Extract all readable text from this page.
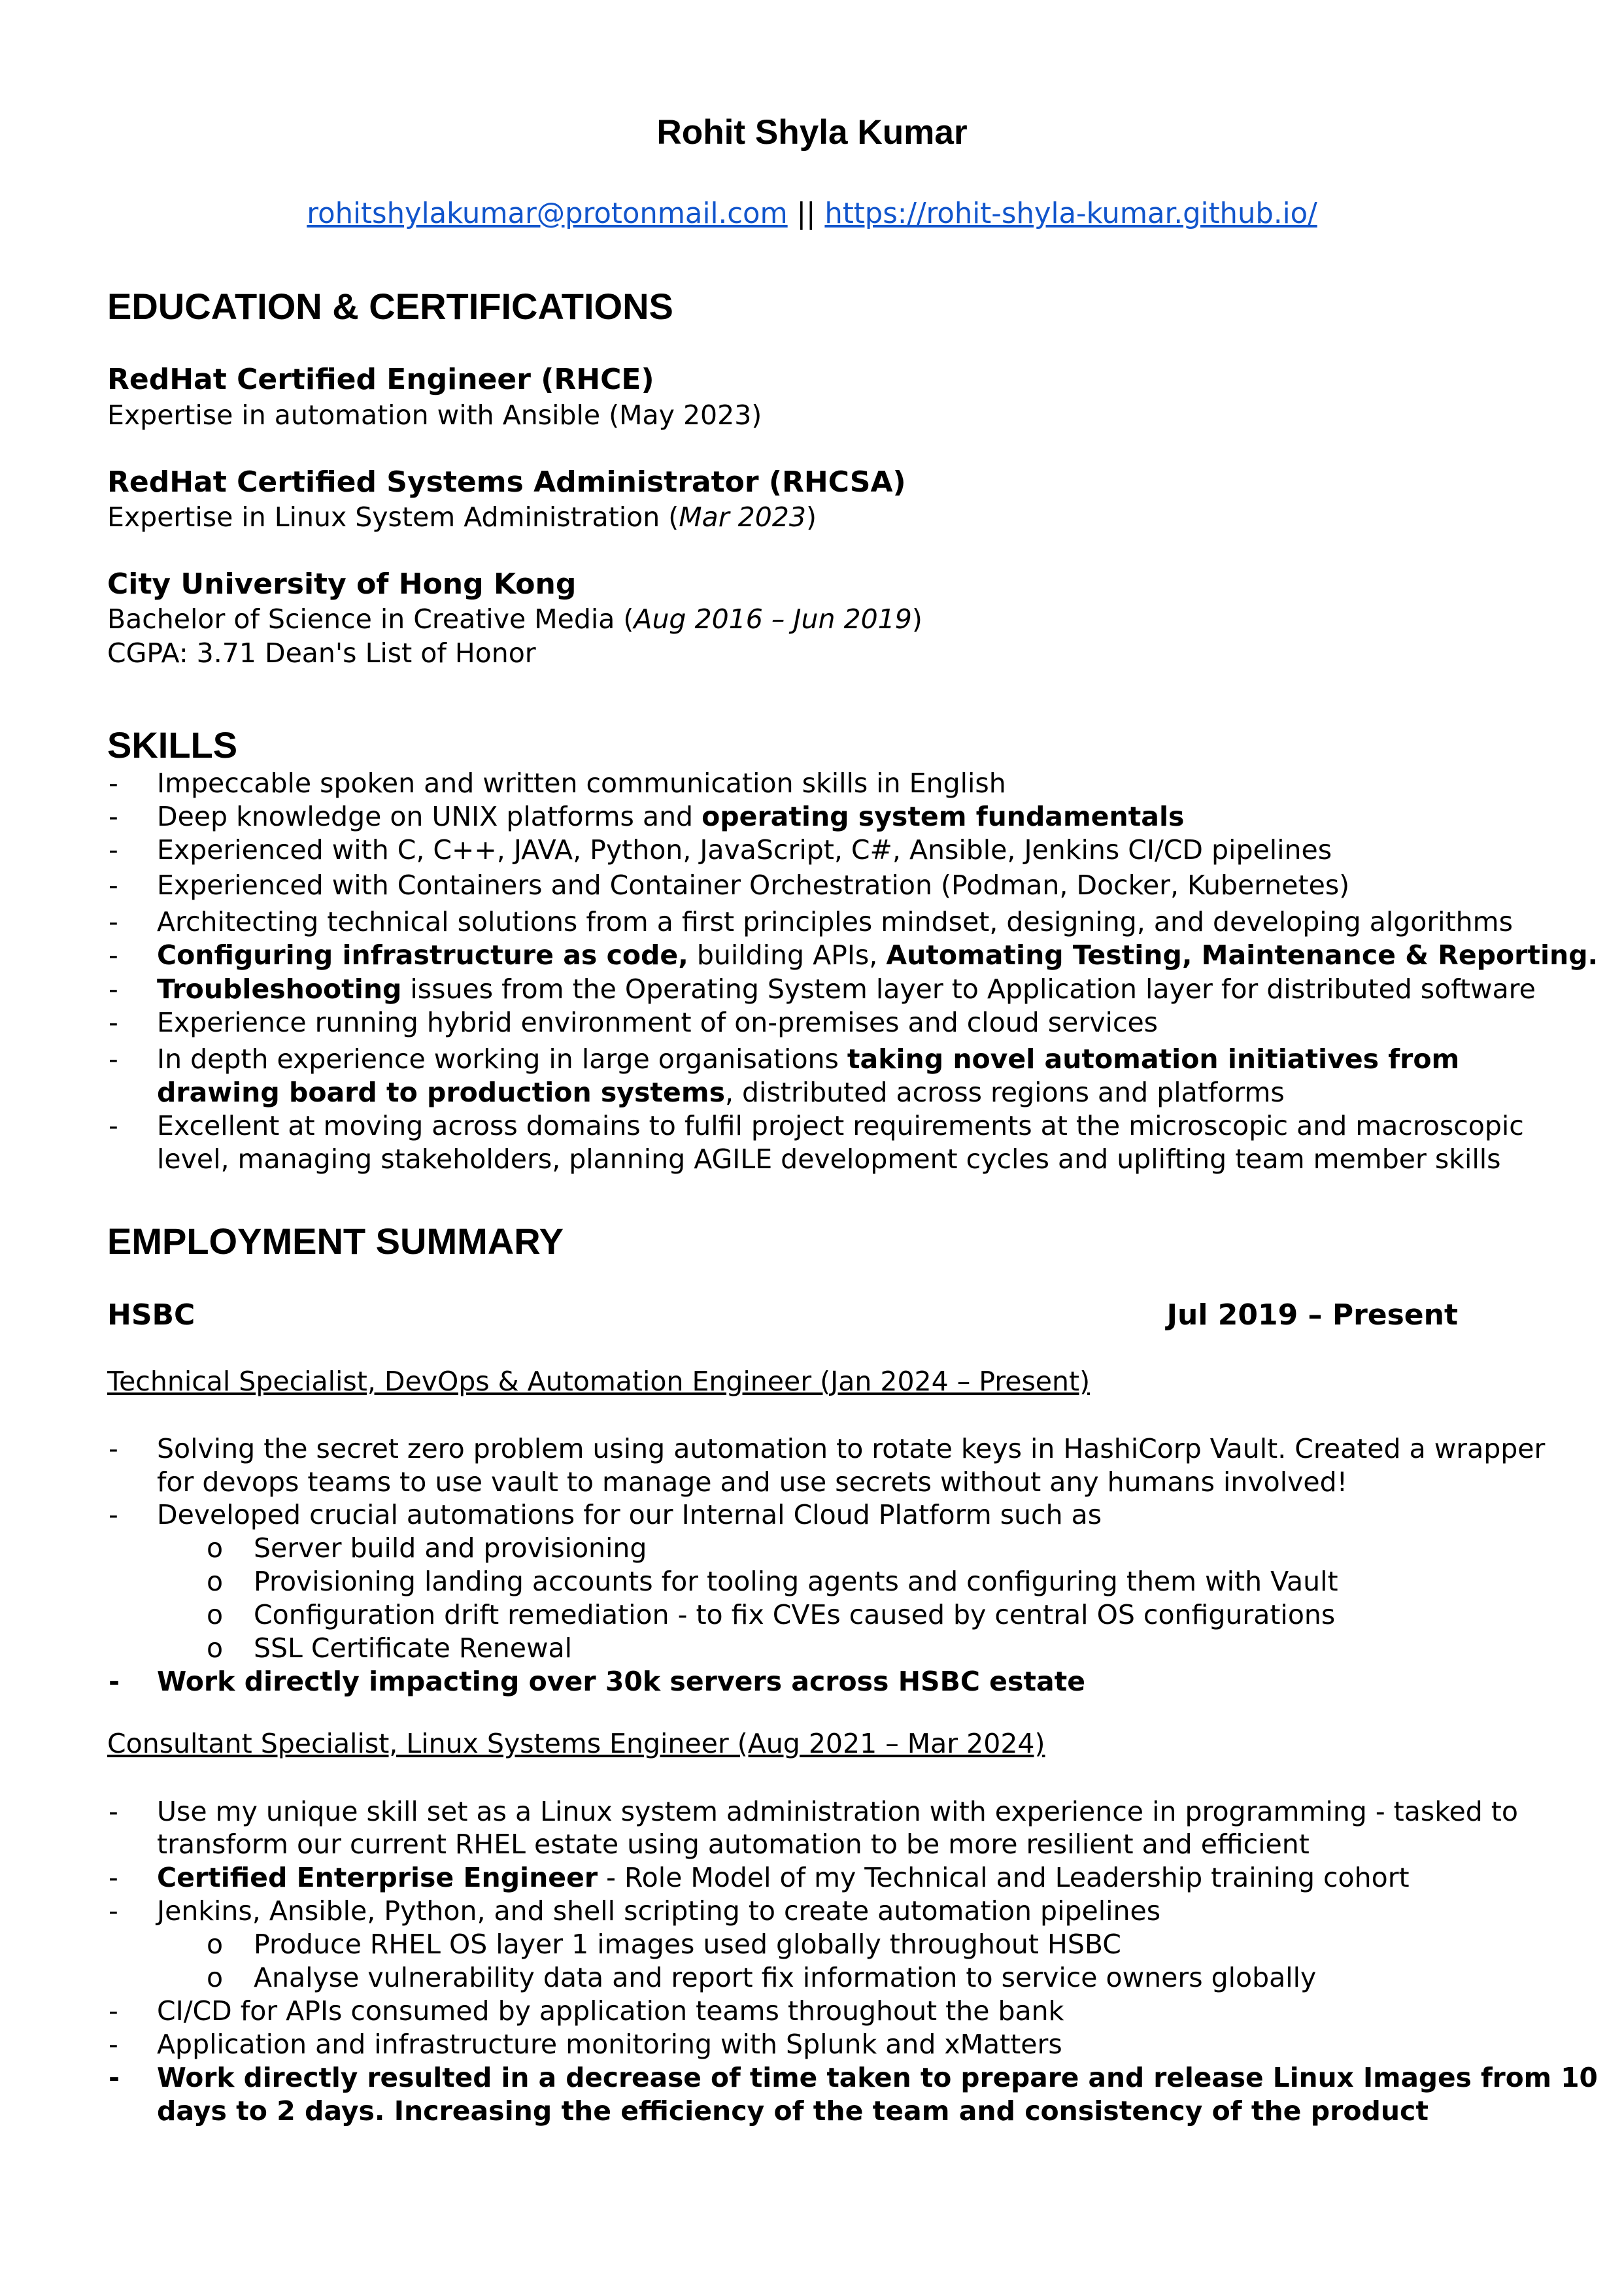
Rohit Shyla Kumar
rohitshylakumar@protonmail.com || https://rohit-shyla-kumar.github.io/
EDUCATION & CERTIFICATIONS
RedHat Certified Engineer (RHCE)
Expertise in automation with Ansible (May 2023)
RedHat Certified Systems Administrator (RHCSA)
Expertise in Linux System Administration (Mar 2023)
City University of Hong Kong
Bachelor of Science in Creative Media (Aug 2016 – Jun 2019)
CGPA: 3.71 Dean's List of Honor
SKILLS
- Impeccable spoken and written communication skills in English
- Deep knowledge on UNIX platforms and operating system fundamentals
- Experienced with C, C++, JAVA, Python, JavaScript, C#, Ansible, Jenkins CI/CD pipelines
- Experienced with Containers and Container Orchestration (Podman, Docker, Kubernetes)
- Architecting technical solutions from a first principles mindset, designing, and developing algorithms
- Configuring infrastructure as code, building APIs, Automating Testing, Maintenance & Reporting.
- Troubleshooting issues from the Operating System layer to Application layer for distributed software
- Experience running hybrid environment of on-premises and cloud services
- In depth experience working in large organisations taking novel automation initiatives from
drawing board to production systems, distributed across regions and platforms
- Excellent at moving across domains to fulfil project requirements at the microscopic and macroscopic
level, managing stakeholders, planning AGILE development cycles and uplifting team member skills
EMPLOYMENT SUMMARY
HSBC	Jul 2019 – Present
Technical Specialist, DevOps & Automation Engineer (Jan 2024 – Present)
- Solving the secret zero problem using automation to rotate keys in HashiCorp Vault. Created a wrapper
for devops teams to use vault to manage and use secrets without any humans involved!
- Developed crucial automations for our Internal Cloud Platform such as
o Server build and provisioning
o Provisioning landing accounts for tooling agents and configuring them with Vault
o Configuration drift remediation - to fix CVEs caused by central OS configurations
o SSL Certificate Renewal
- Work directly impacting over 30k servers across HSBC estate
Consultant Specialist, Linux Systems Engineer (Aug 2021 – Mar 2024)
- Use my unique skill set as a Linux system administration with experience in programming - tasked to
transform our current RHEL estate using automation to be more resilient and efficient
- Certified Enterprise Engineer - Role Model of my Technical and Leadership training cohort
- Jenkins, Ansible, Python, and shell scripting to create automation pipelines
o Produce RHEL OS layer 1 images used globally throughout HSBC
o Analyse vulnerability data and report fix information to service owners globally
- CI/CD for APIs consumed by application teams throughout the bank
- Application and infrastructure monitoring with Splunk and xMatters
- Work directly resulted in a decrease of time taken to prepare and release Linux Images from 10
days to 2 days. Increasing the efficiency of the team and consistency of the product
